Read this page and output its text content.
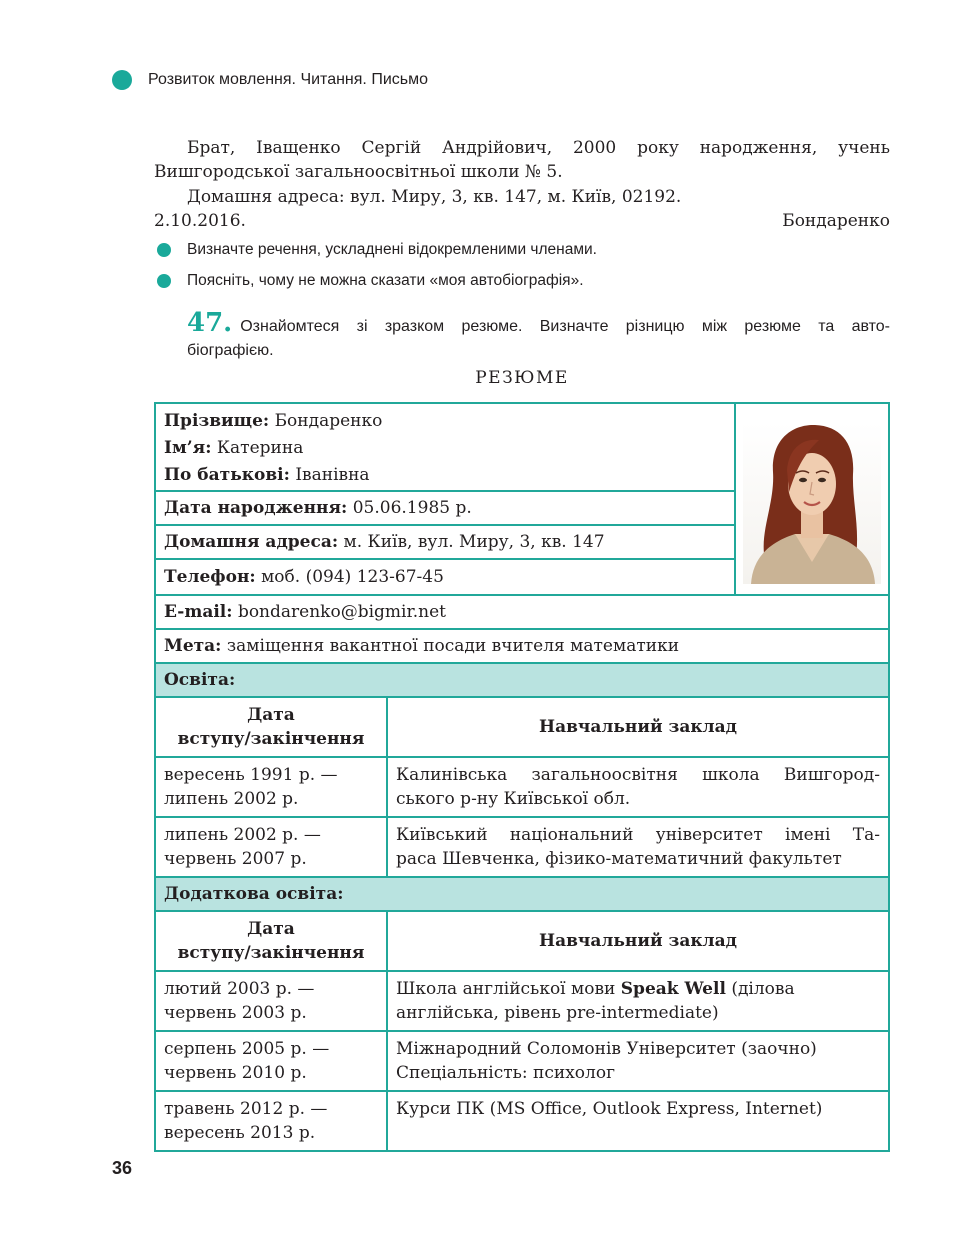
Розвиток мовлення. Читання. Письмо
Брат, Іващенко Сергій Андрійович, 2000 року народження, учень
Вишгородської загальноосвітньої школи № 5.
Домашня адреса: вул. Миру, 3, кв. 147, м. Київ, 02192.
2.10.2016.	Бондаренко
Визначте речення, ускладнені відокремленими членами.
Поясніть, чому не можна сказати «моя автобіографія».
47. Ознайомтеся зі зразком резюме. Визначте різницю між резюме та авто-
біографією.
РЕЗЮМЕ
Прізвище: Бондаренко
Ім’я: Катерина
По батькові: Іванівна
Дата народження:
05.06.1985 р.
Домашня адреса:
м. Київ, вул. Миру, 3, кв. 147
Телефон:
моб. (094) 123-67-45
E-mail:
bondarenko@bigmir.net
Мета:
заміщення вакантної посади вчителя математики
Освіта:
Дата
вступу/закінчення
Навчальний заклад
вересень 1991 р. —
липень 2002 р.
Калинівська загальноосвітня школа Вишгород-
ського р-ну Київської обл.
липень 2002 р. —
червень 2007 р.
Київський національний університет імені Та-
раса Шевченка, фізико-математичний факультет
Додаткова освіта:
Дата
вступу/закінчення
Навчальний заклад
лютий 2003 р. —
червень 2003 р.
Школа англійської мови Speak Well (ділова
англійська, рівень pre-intermediate)
серпень 2005 р. —
червень 2010 р.
Міжнародний Соломонів Університет (заочно)
Спеціальність: психолог
травень 2012 р. —
вересень 2013 р.
Курси ПК (MS Office, Outlook Express, Internet)
36
